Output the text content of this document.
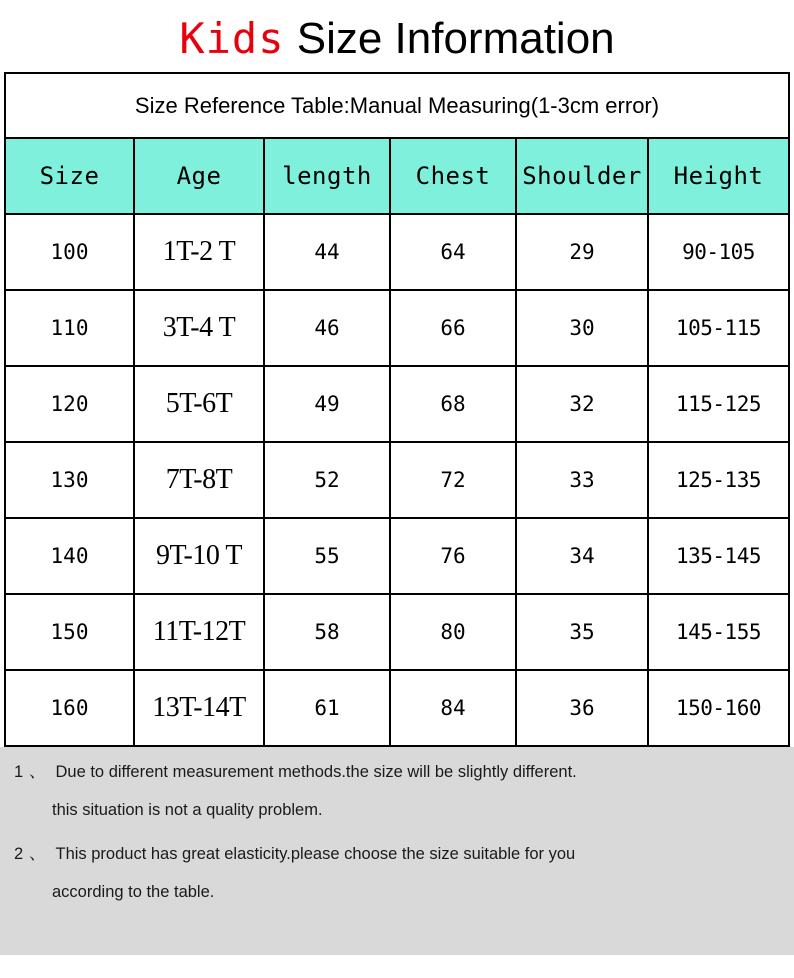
Kids Size Information
Size Reference Table:Manual Measuring(1-3cm error)
Size	Age	length	Chest	Shoulder	Height
100	1T-2 T	44	64	29	90-105
110	3T-4 T	46	66	30	105-115
120	5T-6T	49	68	32	115-125
130	7T-8T	52	72	33	125-135
140	9T-10 T	55	76	34	135-145
150	11T-12T	58	80	35	145-155
160	13T-14T	61	84	36	150-160
1 、 Due to different measurement methods.the size will be slightly different.
this situation is not a quality problem.
2 、 This product has great elasticity.please choose the size suitable for you
according to the table.
